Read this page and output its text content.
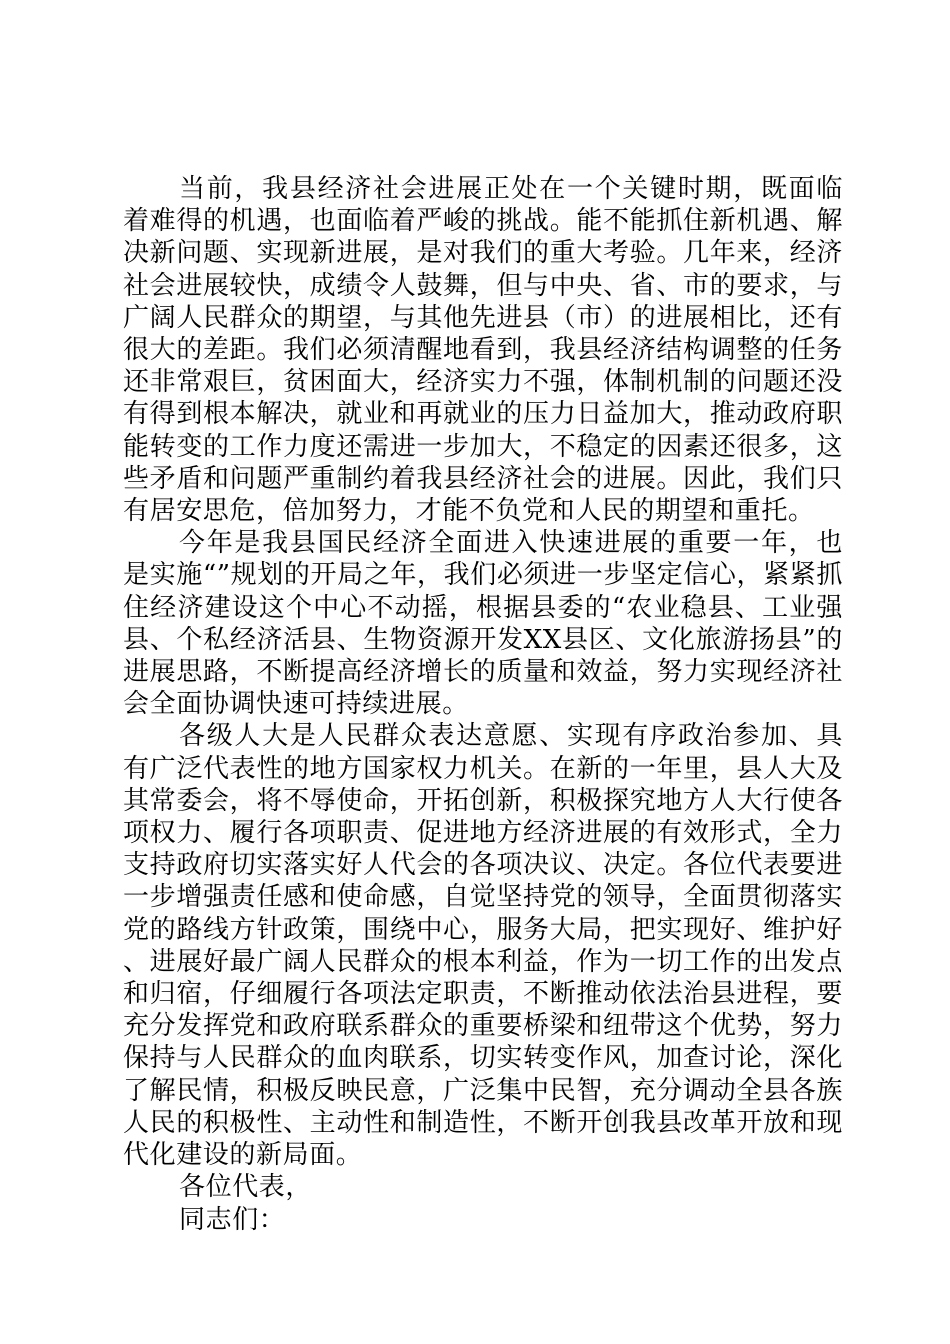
当前，我县经济社会进展正处在一个关键时期，既面临着难得的机遇，也面临着严峻的挑战。能不能抓住新机遇、解决新问题、实现新进展，是对我们的重大考验。几年来，经济社会进展较快，成绩令人鼓舞，但与中央、省、市的要求，与广阔人民群众的期望，与其他先进县（市）的进展相比，还有很大的差距。我们必须清醒地看到，我县经济结构调整的任务还非常艰巨，贫困面大，经济实力不强，体制机制的问题还没有得到根本解决，就业和再就业的压力日益加大，推动政府职能转变的工作力度还需进一步加大，不稳定的因素还很多，这些矛盾和问题严重制约着我县经济社会的进展。因此，我们只有居安思危，倍加努力，才能不负党和人民的期望和重托。

今年是我县国民经济全面进入快速进展的重要一年，也是实施“”规划的开局之年，我们必须进一步坚定信心，紧紧抓住经济建设这个中心不动摇，根据县委的“农业稳县、工业强县、个私经济活县、生物资源开发XX县区、文化旅游扬县”的进展思路，不断提高经济增长的质量和效益，努力实现经济社会全面协调快速可持续进展。

各级人大是人民群众表达意愿、实现有序政治参加、具有广泛代表性的地方国家权力机关。在新的一年里，县人大及其常委会，将不辱使命，开拓创新，积极探究地方人大行使各项权力、履行各项职责、促进地方经济进展的有效形式，全力支持政府切实落实好人代会的各项决议、决定。各位代表要进一步增强责任感和使命感，自觉坚持党的领导，全面贯彻落实党的路线方针政策，围绕中心，服务大局，把实现好、维护好、进展好最广阔人民群众的根本利益，作为一切工作的出发点和归宿，仔细履行各项法定职责，不断推动依法治县进程，要充分发挥党和政府联系群众的重要桥梁和纽带这个优势，努力保持与人民群众的血肉联系，切实转变作风，加查讨论，深化了解民情，积极反映民意，广泛集中民智，充分调动全县各族人民的积极性、主动性和制造性，不断开创我县改革开放和现代化建设的新局面。

各位代表，

同志们：
